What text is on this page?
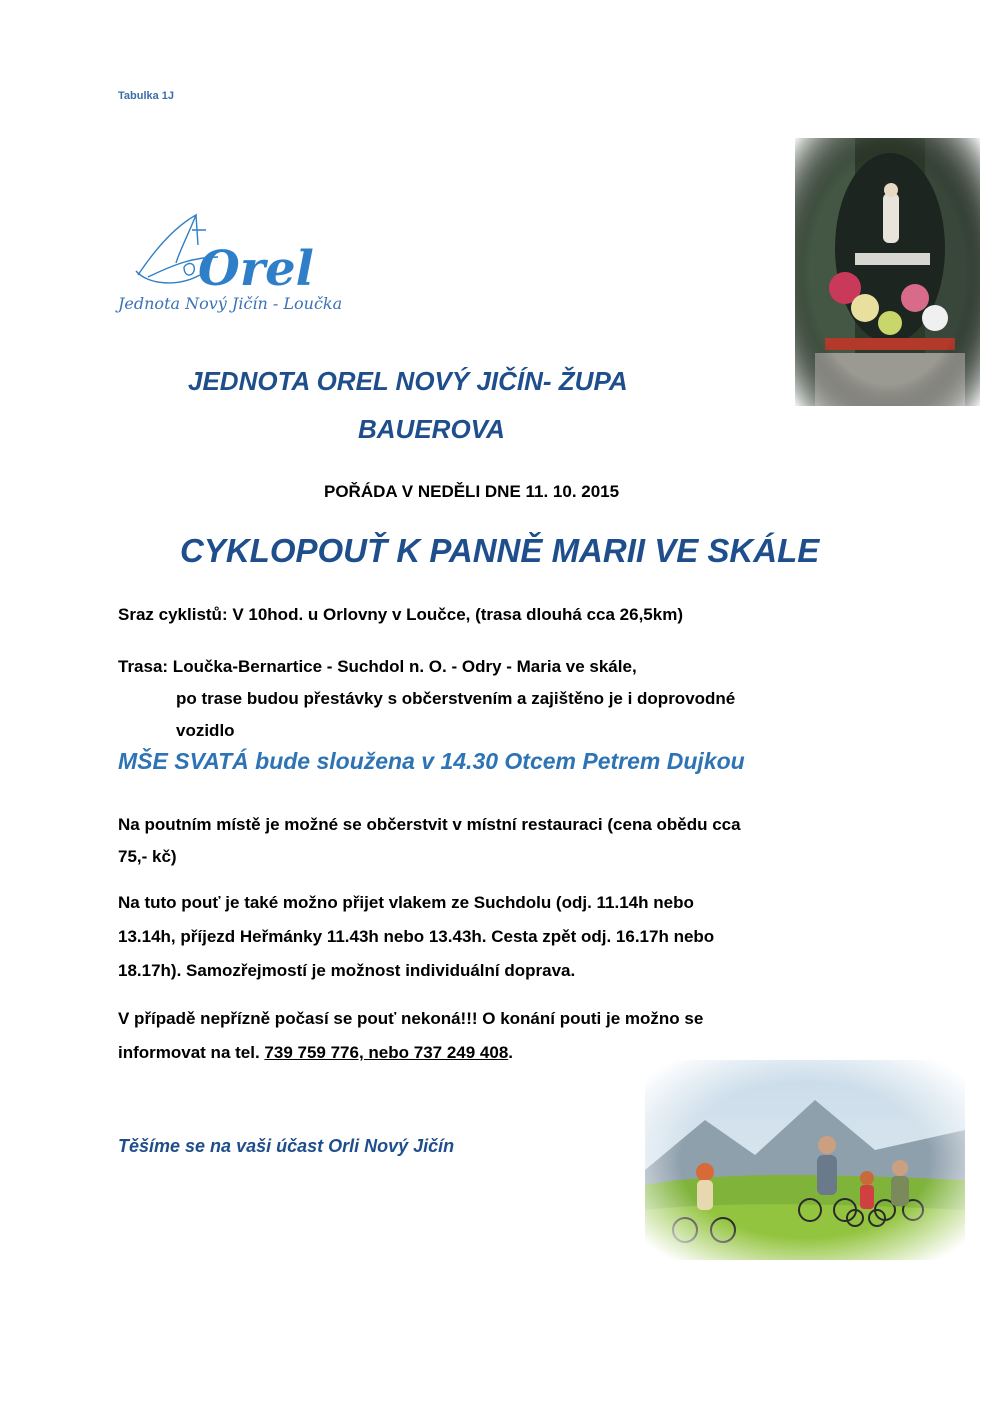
Tabulka 1J
Orel
Jednota Nový Jičín - Loučka
JEDNOTA OREL NOVÝ JIČÍN- ŽUPA
BAUEROVA
POŘÁDA V NEDĚLI DNE 11. 10. 2015
CYKLOPOUŤ K PANNĚ MARII VE SKÁLE
Sraz cyklistů: V 10hod. u Orlovny v Loučce, (trasa dlouhá cca 26,5km)
Trasa: Loučka-Bernartice - Suchdol n. O. - Odry - Maria ve skále,
po trase budou přestávky s občerstvením a zajištěno je i doprovodné
vozidlo
MŠE SVATÁ bude sloužena v 14.30 Otcem Petrem Dujkou
Na poutním místě je možné se občerstvit v místní restauraci (cena obědu cca
75,- kč)
Na tuto pouť je také možno přijet vlakem ze Suchdolu (odj. 11.14h nebo
13.14h, příjezd Heřmánky 11.43h nebo 13.43h. Cesta zpět odj. 16.17h nebo
18.17h). Samozřejmostí je možnost individuální doprava.
V případě nepřízně počasí se pouť nekoná!!! O konání pouti je možno se
informovat na tel. 739 759 776, nebo 737 249 408.
Těšíme se na vaši účast Orli Nový Jičín
